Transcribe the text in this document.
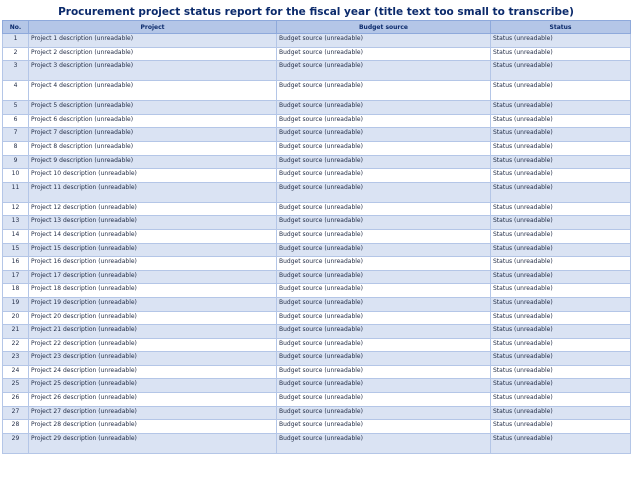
Procurement project status report for the fiscal year (title text too small to transcribe)
No.	Project	Budget source	Status
1	Project 1 description (unreadable)	Budget source (unreadable)	Status (unreadable)
2	Project 2 description (unreadable)	Budget source (unreadable)	Status (unreadable)
3	Project 3 description (unreadable)	Budget source (unreadable)	Status (unreadable)
4	Project 4 description (unreadable)	Budget source (unreadable)	Status (unreadable)
5	Project 5 description (unreadable)	Budget source (unreadable)	Status (unreadable)
6	Project 6 description (unreadable)	Budget source (unreadable)	Status (unreadable)
7	Project 7 description (unreadable)	Budget source (unreadable)	Status (unreadable)
8	Project 8 description (unreadable)	Budget source (unreadable)	Status (unreadable)
9	Project 9 description (unreadable)	Budget source (unreadable)	Status (unreadable)
10	Project 10 description (unreadable)	Budget source (unreadable)	Status (unreadable)
11	Project 11 description (unreadable)	Budget source (unreadable)	Status (unreadable)
12	Project 12 description (unreadable)	Budget source (unreadable)	Status (unreadable)
13	Project 13 description (unreadable)	Budget source (unreadable)	Status (unreadable)
14	Project 14 description (unreadable)	Budget source (unreadable)	Status (unreadable)
15	Project 15 description (unreadable)	Budget source (unreadable)	Status (unreadable)
16	Project 16 description (unreadable)	Budget source (unreadable)	Status (unreadable)
17	Project 17 description (unreadable)	Budget source (unreadable)	Status (unreadable)
18	Project 18 description (unreadable)	Budget source (unreadable)	Status (unreadable)
19	Project 19 description (unreadable)	Budget source (unreadable)	Status (unreadable)
20	Project 20 description (unreadable)	Budget source (unreadable)	Status (unreadable)
21	Project 21 description (unreadable)	Budget source (unreadable)	Status (unreadable)
22	Project 22 description (unreadable)	Budget source (unreadable)	Status (unreadable)
23	Project 23 description (unreadable)	Budget source (unreadable)	Status (unreadable)
24	Project 24 description (unreadable)	Budget source (unreadable)	Status (unreadable)
25	Project 25 description (unreadable)	Budget source (unreadable)	Status (unreadable)
26	Project 26 description (unreadable)	Budget source (unreadable)	Status (unreadable)
27	Project 27 description (unreadable)	Budget source (unreadable)	Status (unreadable)
28	Project 28 description (unreadable)	Budget source (unreadable)	Status (unreadable)
29	Project 29 description (unreadable)	Budget source (unreadable)	Status (unreadable)
